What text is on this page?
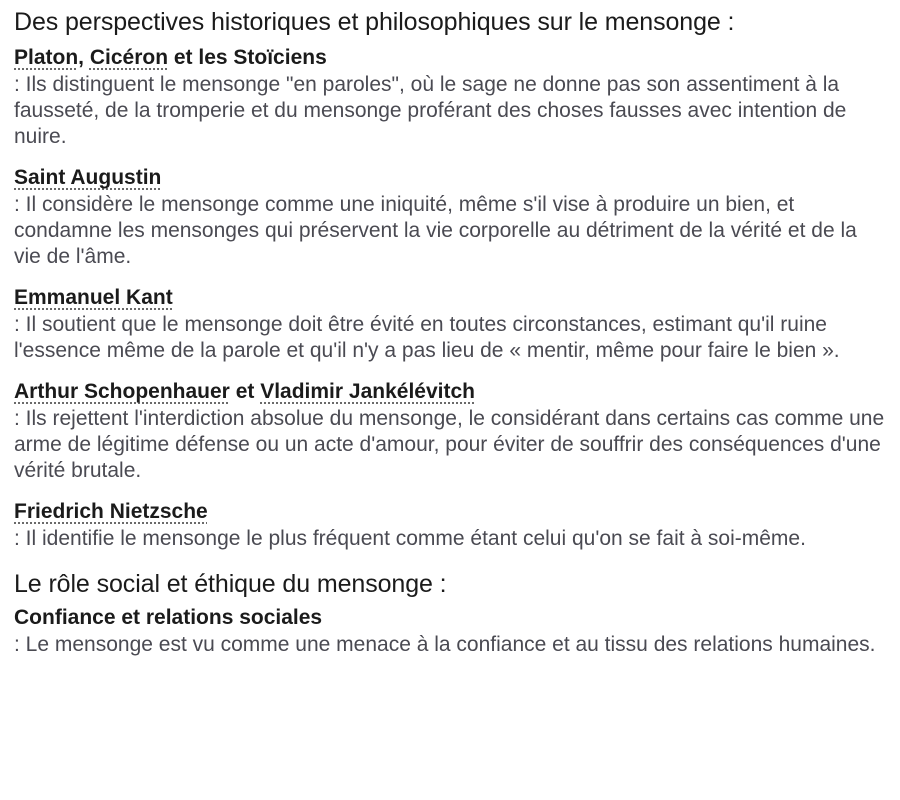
Des perspectives historiques et philosophiques sur le mensonge :
Platon, Cicéron et les Stoïciens

: Ils distinguent le mensonge "en paroles", où le sage ne donne pas son assentiment à la fausseté, de la tromperie et du mensonge proférant des choses fausses avec intention de nuire.

Saint Augustin

: Il considère le mensonge comme une iniquité, même s'il vise à produire un bien, et condamne les mensonges qui préservent la vie corporelle au détriment de la vérité et de la vie de l'âme.

Emmanuel Kant

: Il soutient que le mensonge doit être évité en toutes circonstances, estimant qu'il ruine l'essence même de la parole et qu'il n'y a pas lieu de « mentir, même pour faire le bien ».

Arthur Schopenhauer et Vladimir Jankélévitch

: Ils rejettent l'interdiction absolue du mensonge, le considérant dans certains cas comme une arme de légitime défense ou un acte d'amour, pour éviter de souffrir des conséquences d'une vérité brutale.

Friedrich Nietzsche

: Il identifie le mensonge le plus fréquent comme étant celui qu'on se fait à soi-même.

Le rôle social et éthique du mensonge :
Confiance et relations sociales

: Le mensonge est vu comme une menace à la confiance et au tissu des relations humaines.
